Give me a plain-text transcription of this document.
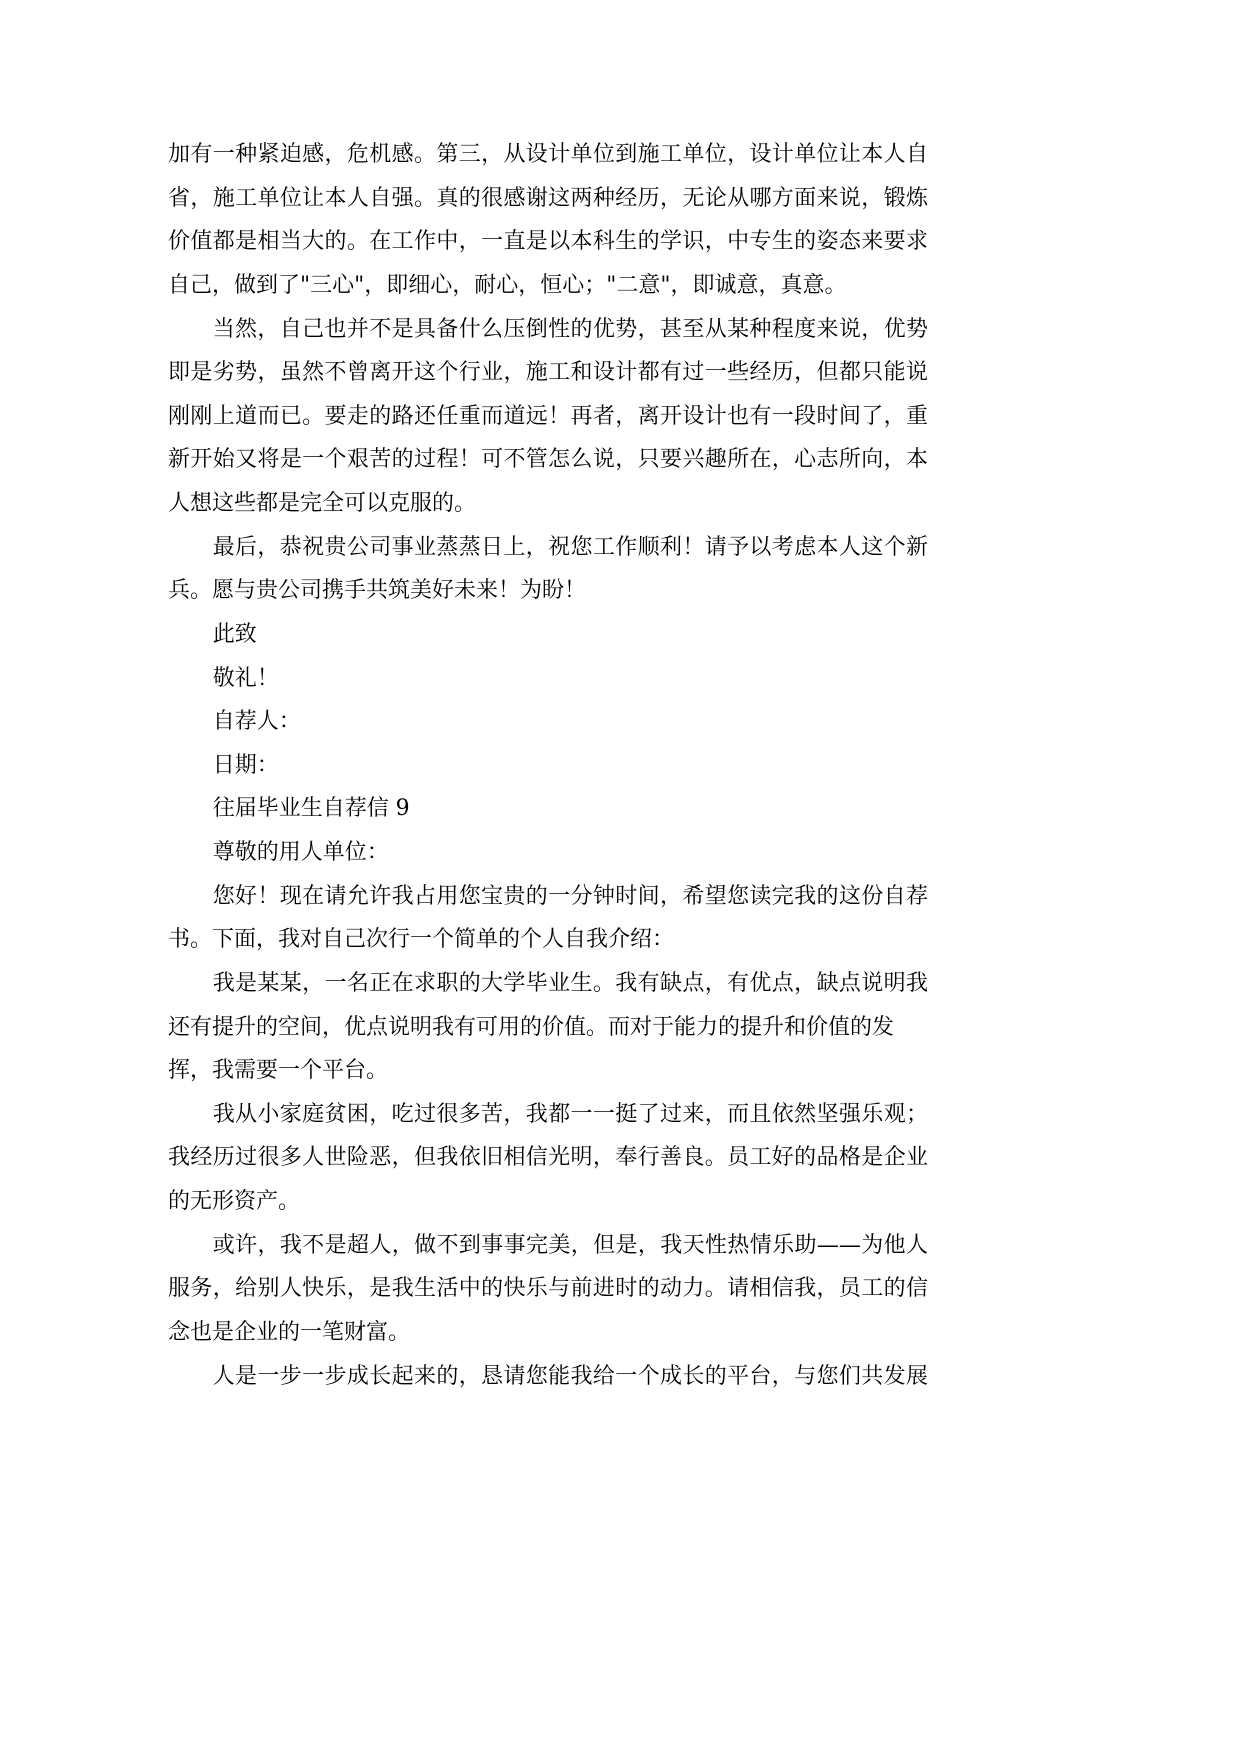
加有一种紧迫感，危机感。第三，从设计单位到施工单位，设计单位让本人自
省，施工单位让本人自强。真的很感谢这两种经历，无论从哪方面来说，锻炼
价值都是相当大的。在工作中，一直是以本科生的学识，中专生的姿态来要求
自己，做到了"三心"，即细心，耐心，恒心；"二意"，即诚意，真意。
当然，自己也并不是具备什么压倒性的优势，甚至从某种程度来说，优势
即是劣势，虽然不曾离开这个行业，施工和设计都有过一些经历，但都只能说
刚刚上道而已。要走的路还任重而道远！再者，离开设计也有一段时间了，重
新开始又将是一个艰苦的过程！可不管怎么说，只要兴趣所在，心志所向，本
人想这些都是完全可以克服的。
最后，恭祝贵公司事业蒸蒸日上，祝您工作顺利！请予以考虑本人这个新
兵。愿与贵公司携手共筑美好未来！为盼！
此致
敬礼！
自荐人：
日期：
往届毕业生自荐信 9
尊敬的用人单位：
您好！现在请允许我占用您宝贵的一分钟时间，希望您读完我的这份自荐
书。下面，我对自己次行一个简单的个人自我介绍：
我是某某，一名正在求职的大学毕业生。我有缺点，有优点，缺点说明我
还有提升的空间，优点说明我有可用的价值。而对于能力的提升和价值的发
挥，我需要一个平台。
我从小家庭贫困，吃过很多苦，我都一一挺了过来，而且依然坚强乐观；
我经历过很多人世险恶，但我依旧相信光明，奉行善良。员工好的品格是企业
的无形资产。
或许，我不是超人，做不到事事完美，但是，我天性热情乐助——为他人
服务，给别人快乐，是我生活中的快乐与前进时的动力。请相信我，员工的信
念也是企业的一笔财富。
人是一步一步成长起来的，恳请您能我给一个成长的平台，与您们共发展
